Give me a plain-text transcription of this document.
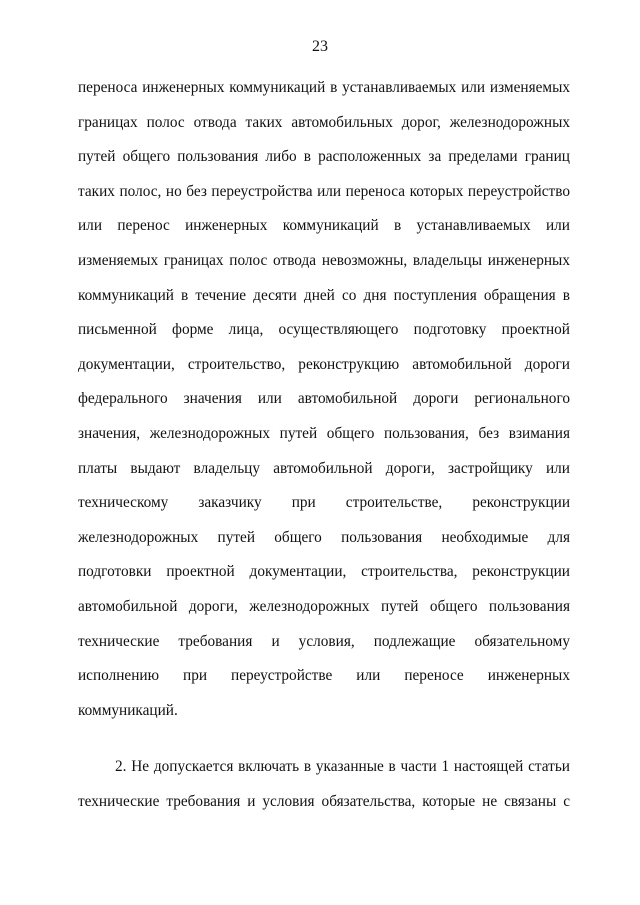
23
переноса инженерных коммуникаций в устанавливаемых или изменяемых
границах полос отвода таких автомобильных дорог, железнодорожных
путей общего пользования либо в расположенных за пределами границ
таких полос, но без переустройства или переноса которых переустройство
или перенос инженерных коммуникаций в устанавливаемых или
изменяемых границах полос отвода невозможны, владельцы инженерных
коммуникаций в течение десяти дней со дня поступления обращения в
письменной форме лица, осуществляющего подготовку проектной
документации, строительство, реконструкцию автомобильной дороги
федерального значения или автомобильной дороги регионального
значения, железнодорожных путей общего пользования, без взимания
платы выдают владельцу автомобильной дороги, застройщику или
техническому заказчику при строительстве, реконструкции
железнодорожных путей общего пользования необходимые для
подготовки проектной документации, строительства, реконструкции
автомобильной дороги, железнодорожных путей общего пользования
технические требования и условия, подлежащие обязательному
исполнению при переустройстве или переносе инженерных
коммуникаций.
2. Не допускается включать в указанные в части 1 настоящей статьи
технические требования и условия обязательства, которые не связаны с
